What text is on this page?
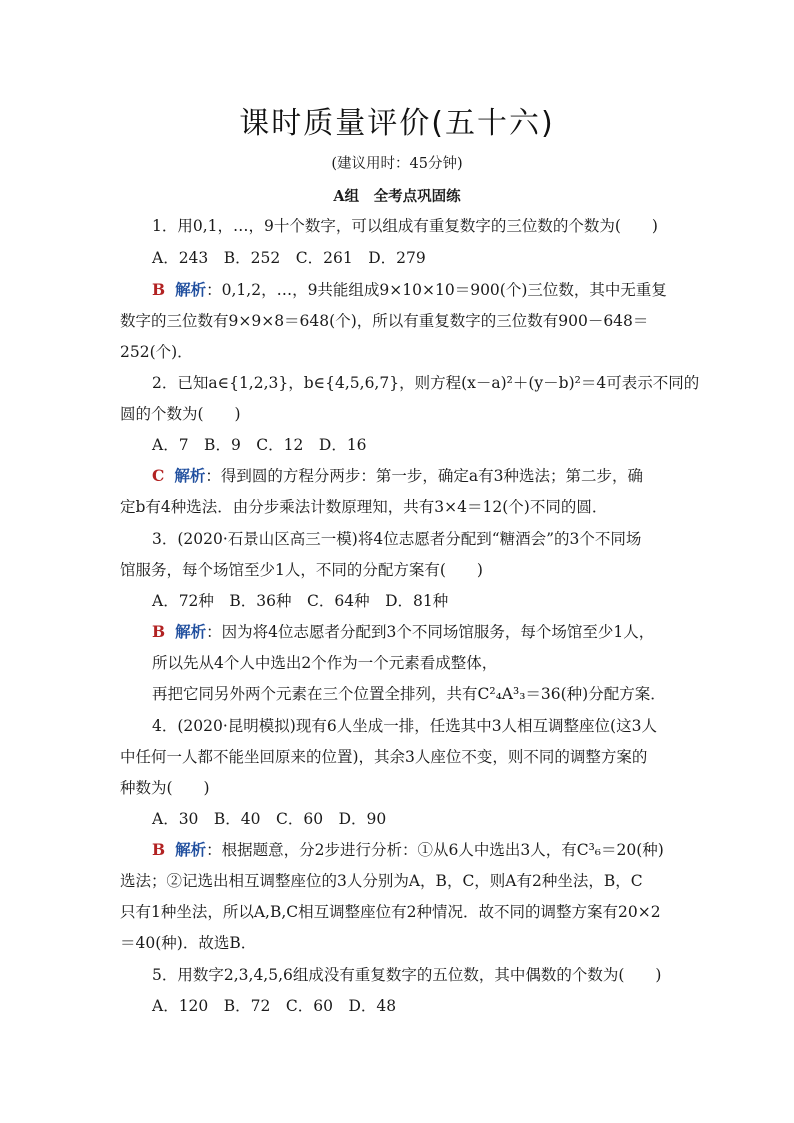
课时质量评价(五十六)
(建议用时：45分钟)
A组　全考点巩固练
1．用0,1，…，9十个数字，可以组成有重复数字的三位数的个数为(　　)
A．243　B．252　C．261　D．279
B 解析：0,1,2，…，9共能组成9×10×10＝900(个)三位数，其中无重复
数字的三位数有9×9×8＝648(个)，所以有重复数字的三位数有900－648＝
252(个)．
2．已知a∈{1,2,3}，b∈{4,5,6,7}，则方程(x－a)²＋(y－b)²＝4可表示不同的
圆的个数为(　　)
A．7　B．9　C．12　D．16
C 解析：得到圆的方程分两步：第一步，确定a有3种选法；第二步，确
定b有4种选法．由分步乘法计数原理知，共有3×4＝12(个)不同的圆．
3．(2020·石景山区高三一模)将4位志愿者分配到“糖酒会”的3个不同场
馆服务，每个场馆至少1人，不同的分配方案有(　　)
A．72种　B．36种　C．64种　D．81种
B 解析：因为将4位志愿者分配到3个不同场馆服务，每个场馆至少1人，
所以先从4个人中选出2个作为一个元素看成整体，
再把它同另外两个元素在三个位置全排列，共有C²₄A³₃＝36(种)分配方案．
4．(2020·昆明模拟)现有6人坐成一排，任选其中3人相互调整座位(这3人
中任何一人都不能坐回原来的位置)，其余3人座位不变，则不同的调整方案的
种数为(　　)
A．30　B．40　C．60　D．90
B 解析：根据题意，分2步进行分析：①从6人中选出3人，有C³₆＝20(种)
选法；②记选出相互调整座位的3人分别为A，B，C，则A有2种坐法，B，C
只有1种坐法，所以A,B,C相互调整座位有2种情况．故不同的调整方案有20×2
＝40(种)．故选B．
5．用数字2,3,4,5,6组成没有重复数字的五位数，其中偶数的个数为(　　)
A．120　B．72　C．60　D．48
